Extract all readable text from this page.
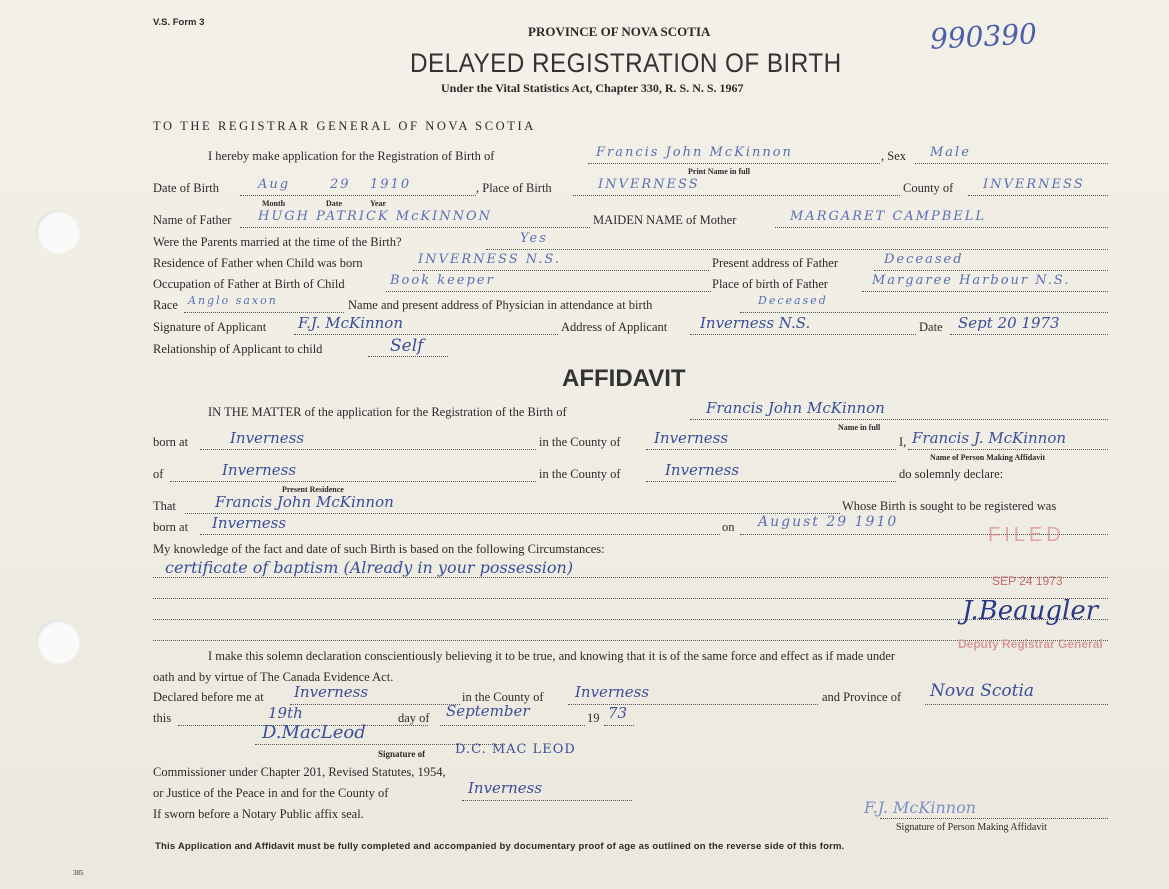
V.S. Form 3
PROVINCE OF NOVA SCOTIA
DELAYED REGISTRATION OF BIRTH
Under the Vital Statistics Act, Chapter 330, R. S. N. S. 1967
990390
TO THE REGISTRAR GENERAL OF NOVA SCOTIA
I hereby make application for the Registration of Birth of	Francis John McKinnon
Print Name in full
, Sex Male
Date of Birth	Aug	29 1910
Month	Date	Year
, Place of Birth	INVERNESS	County of INVERNESS
Name of Father HUGH PATRICK McKINNON	MAIDEN NAME of Mother	MARGARET CAMPBELL
Were the Parents married at the time of the Birth?	Yes
Residence of Father when Child was born	INVERNESS N.S.	Present address of Father	Deceased
Occupation of Father at Birth of Child	Book keeper	Place of birth of Father	Margaree Harbour N.S.
Race Anglo saxon	Name and present address of Physician in attendance at birth	Deceased
Signature of Applicant F.J. McKinnon	Address of Applicant Inverness N.S.	Date Sept 20 1973
Relationship of Applicant to child	Self
AFFIDAVIT
IN THE MATTER of the application for the Registration of the Birth of	Francis John McKinnon
Name in full
born at	Inverness	in the County of Inverness	I, Francis J. McKinnon
Name of Person Making Affidavit
of	Inverness
Present Residence
in the County of	Inverness	do solemnly declare:
That	Francis John McKinnon	Whose Birth is sought to be registered was
born at Inverness	on August 29 1910
My knowledge of the fact and date of such Birth is based on the following Circumstances:
certificate of baptism (Already in your possession)
FILED
SEP 24 1973
J.Beaugler
Deputy Registrar General
I make this solemn declaration conscientiously believing it to be true, and knowing that it is of the same force and effect as if made under
oath and by virtue of The Canada Evidence Act.
Declared before me at Inverness	in the County of Inverness	and Province of Nova Scotia
this	19th	day of September	19 73
D.MacLeod
Signature of D.C. MAC LEOD
Commissioner under Chapter 201, Revised Statutes, 1954,
or Justice of the Peace in and for the County of	Inverness
If sworn before a Notary Public affix seal.	F.J. McKinnon
Signature of Person Making Affidavit
This Application and Affidavit must be fully completed and accompanied by documentary proof of age as outlined on the reverse side of this form.
385
